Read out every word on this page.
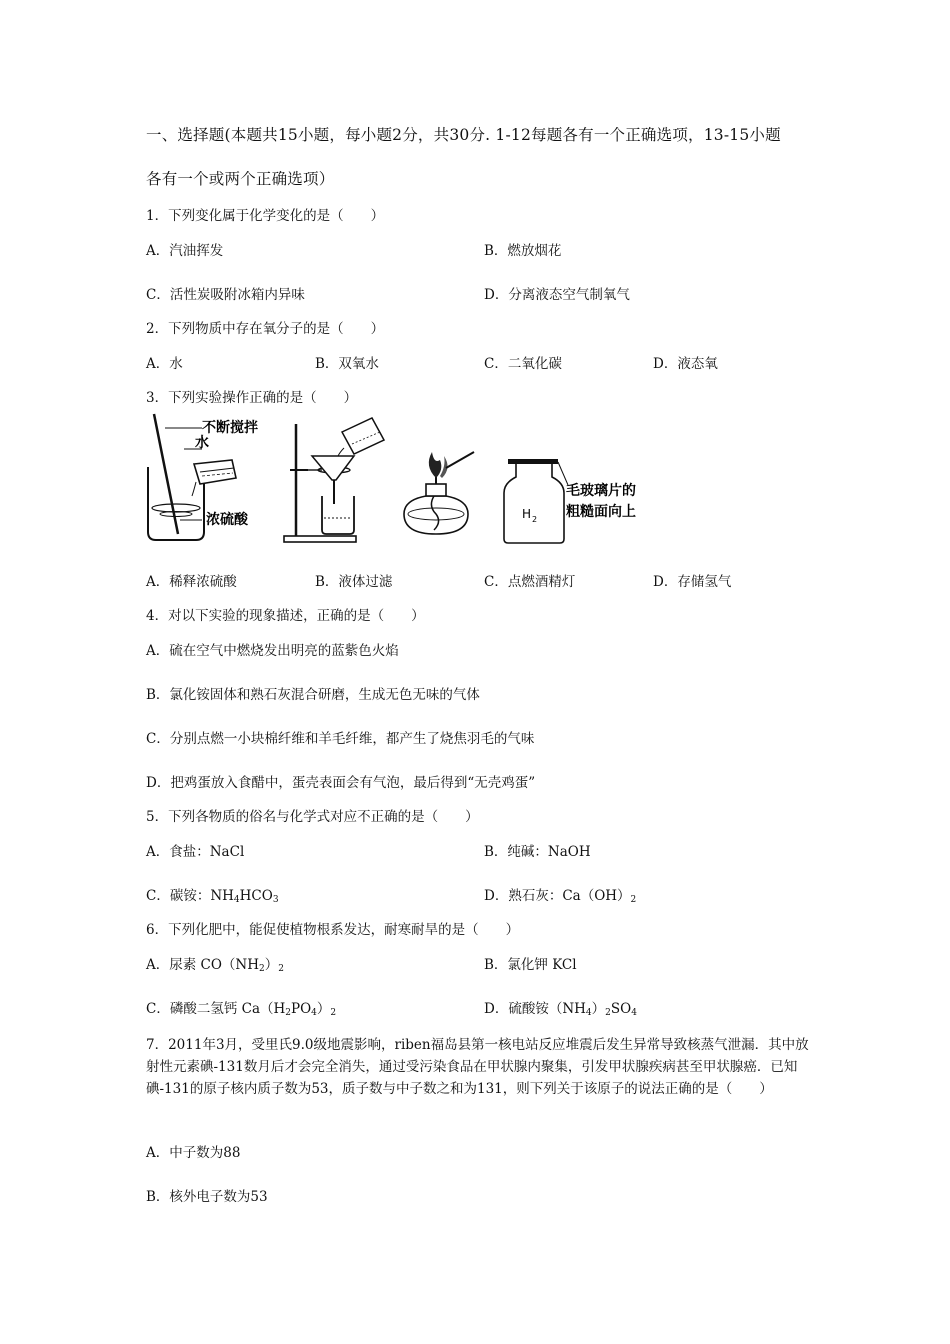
一、选择题(本题共15小题，每小题2分，共30分. 1-12每题各有一个正确选项，13-15小题
各有一个或两个正确选项）
1．下列变化属于化学变化的是（　　）
A．汽油挥发	B．燃放烟花
C．活性炭吸附冰箱内异味	D．分离液态空气制氧气
2．下列物质中存在氧分子的是（　　）
A．水	B．双氧水	C．二氧化碳	D．液态氧
3．下列实验操作正确的是（　　）
不断搅拌
水
浓硫酸	H 2
毛玻璃片的
粗糙面向上
A．稀释浓硫酸	B．液体过滤	C．点燃酒精灯	D．存储氢气
4．对以下实验的现象描述，正确的是（　　）
A．硫在空气中燃烧发出明亮的蓝紫色火焰
B．氯化铵固体和熟石灰混合研磨，生成无色无味的气体
C．分别点燃一小块棉纤维和羊毛纤维，都产生了烧焦羽毛的气味
D．把鸡蛋放入食醋中，蛋壳表面会有气泡，最后得到“无壳鸡蛋”
5．下列各物质的俗名与化学式对应不正确的是（　　）
A．食盐：NaCl	B．纯碱：NaOH
C．碳铵：$NH_4HCO_3$	D．熟石灰：$Ca(OH)_2$
6．下列化肥中，能促使植物根系发达，耐寒耐旱的是（　　）
A．尿素 $CO(NH_2)_2$	B．氯化钾 KCl
C．磷酸二氢钙 $Ca(H_2PO_4)_2$	D．硫酸铵$(NH_4)_2SO_4$
7．2011年3月，受里氏9.0级地震影响，riben福岛县第一核电站反应堆震后发生异常导致核蒸气泄漏．其中放射性元素碘-131数月后才会完全消失，通过受污染食品在甲状腺内聚集，引发甲状腺疾病甚至甲状腺癌．已知碘-131的原子核内质子数为53，质子数与中子数之和为131，则下列关于该原子的说法正确的是（　　）
A．中子数为88
B．核外电子数为53
